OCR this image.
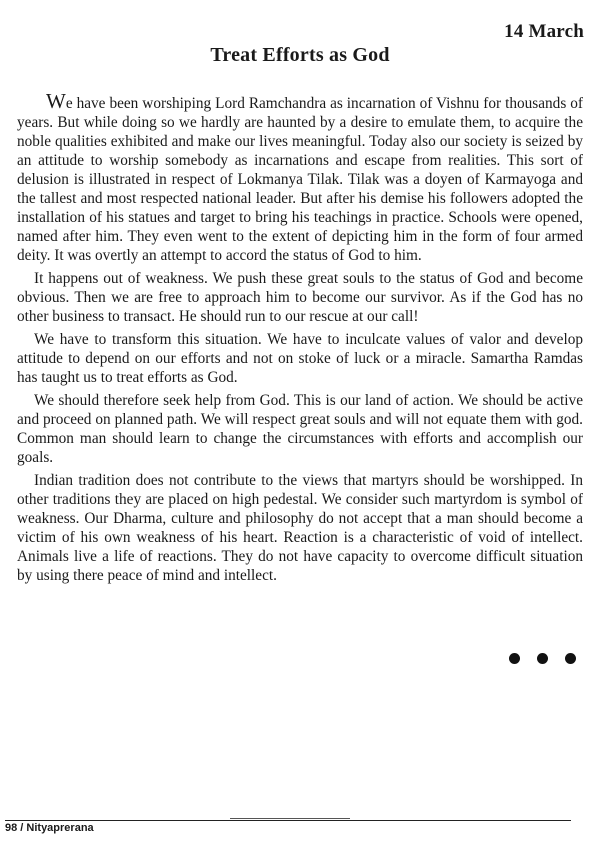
14 March
Treat Efforts as God

We have been worshiping Lord Ramchandra as incarnation of Vishnu for thousands of years. But while doing so we hardly are haunted by a desire to emulate them, to acquire the noble qualities exhibited and make our lives meaningful. Today also our society is seized by an attitude to worship somebody as incarnations and escape from realities. This sort of delusion is illustrated in respect of Lokmanya Tilak. Tilak was a doyen of Karmayoga and the tallest and most respected national leader. But after his demise his followers adopted the installation of his statues and target to bring his teachings in practice. Schools were opened, named after him. They even went to the extent of depicting him in the form of four armed deity. It was overtly an attempt to accord the status of God to him.

It happens out of weakness. We push these great souls to the status of God and become obvious. Then we are free to approach him to become our survivor. As if the God has no other business to transact. He should run to our rescue at our call!

We have to transform this situation. We have to inculcate values of valor and develop attitude to depend on our efforts and not on stoke of luck or a miracle. Samartha Ramdas has taught us to treat efforts as God.

We should therefore seek help from God. This is our land of action. We should be active and proceed on planned path. We will respect great souls and will not equate them with god. Common man should learn to change the circumstances with efforts and accomplish our goals.

Indian tradition does not contribute to the views that martyrs should be worshipped. In other traditions they are placed on high pedestal. We consider such martyrdom is symbol of weakness. Our Dharma, culture and philosophy do not accept that a man should become a victim of his own weakness of his heart. Reaction is a characteristic of void of intellect. Animals live a life of reactions. They do not have capacity to overcome difficult situation by using there peace of mind and intellect.

98 / Nityaprerana
